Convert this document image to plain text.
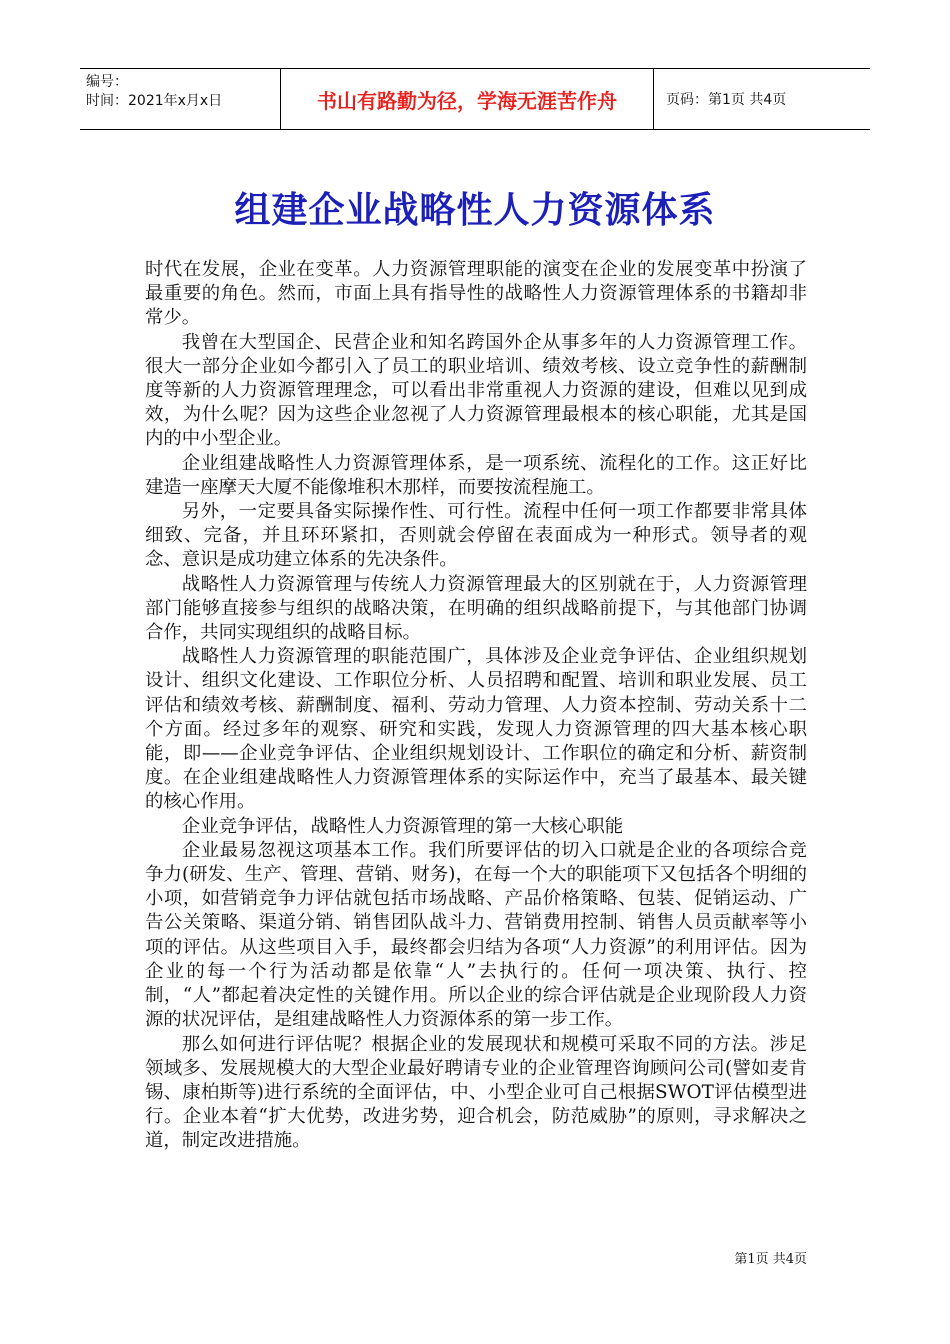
编号：
时间：2021年x月x日	书山有路勤为径，学海无涯苦作舟	页码：第1页 共4页
组建企业战略性人力资源体系

时代在发展，企业在变革。人力资源管理职能的演变在企业的发展变革中扮演了最重要的角色。然而，市面上具有指导性的战略性人力资源管理体系的书籍却非常少。

我曾在大型国企、民营企业和知名跨国外企从事多年的人力资源管理工作。很大一部分企业如今都引入了员工的职业培训、绩效考核、设立竞争性的薪酬制度等新的人力资源管理理念，可以看出非常重视人力资源的建设，但难以见到成效，为什么呢？因为这些企业忽视了人力资源管理最根本的核心职能，尤其是国内的中小型企业。

企业组建战略性人力资源管理体系，是一项系统、流程化的工作。这正好比建造一座摩天大厦不能像堆积木那样，而要按流程施工。

另外，一定要具备实际操作性、可行性。流程中任何一项工作都要非常具体细致、完备，并且环环紧扣，否则就会停留在表面成为一种形式。领导者的观念、意识是成功建立体系的先决条件。

战略性人力资源管理与传统人力资源管理最大的区别就在于，人力资源管理部门能够直接参与组织的战略决策，在明确的组织战略前提下，与其他部门协调合作，共同实现组织的战略目标。

战略性人力资源管理的职能范围广，具体涉及企业竞争评估、企业组织规划设计、组织文化建设、工作职位分析、人员招聘和配置、培训和职业发展、员工评估和绩效考核、薪酬制度、福利、劳动力管理、人力资本控制、劳动关系十二个方面。经过多年的观察、研究和实践，发现人力资源管理的四大基本核心职能，即——企业竞争评估、企业组织规划设计、工作职位的确定和分析、薪资制度。在企业组建战略性人力资源管理体系的实际运作中，充当了最基本、最关键的核心作用。

企业竞争评估，战略性人力资源管理的第一大核心职能

企业最易忽视这项基本工作。我们所要评估的切入口就是企业的各项综合竞争力(研发、生产、管理、营销、财务)，在每一个大的职能项下又包括各个明细的小项，如营销竞争力评估就包括市场战略、产品价格策略、包装、促销运动、广告公关策略、渠道分销、销售团队战斗力、营销费用控制、销售人员贡献率等小项的评估。从这些项目入手，最终都会归结为各项“人力资源”的利用评估。因为企业的每一个行为活动都是依靠“人”去执行的。任何一项决策、执行、控制，“人”都起着决定性的关键作用。所以企业的综合评估就是企业现阶段人力资源的状况评估，是组建战略性人力资源体系的第一步工作。

那么如何进行评估呢？根据企业的发展现状和规模可采取不同的方法。涉足领域多、发展规模大的大型企业最好聘请专业的企业管理咨询顾问公司(譬如麦肯锡、康柏斯等)进行系统的全面评估，中、小型企业可自己根据SWOT评估模型进行。企业本着“扩大优势，改进劣势，迎合机会，防范威胁”的原则，寻求解决之道，制定改进措施。

第1页 共4页
